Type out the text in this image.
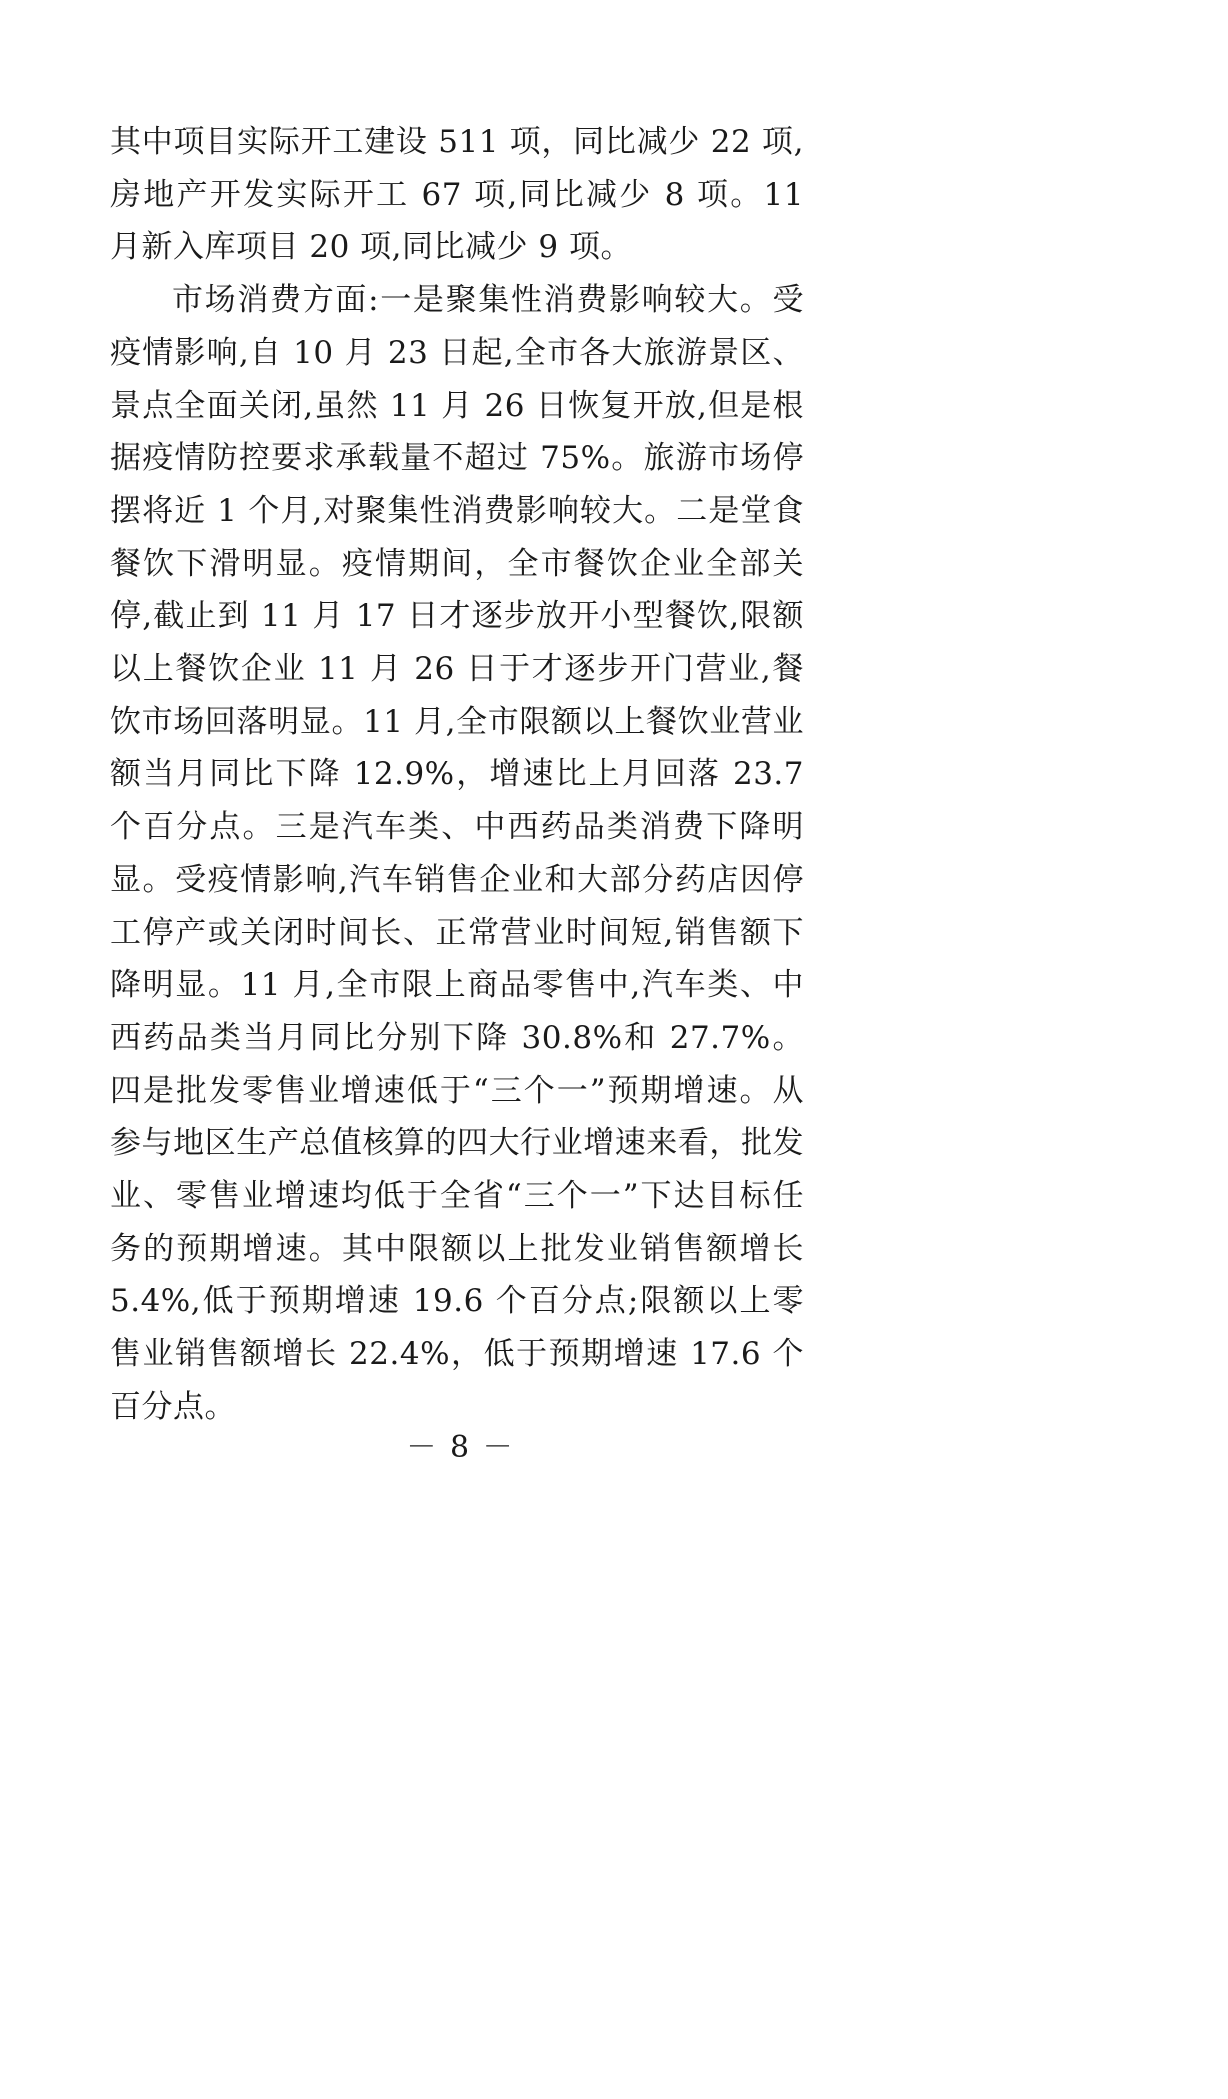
其中项目实际开工建设 511 项，同比减少 22 项,房地产开发实际开工 67 项,同比减少 8 项。11 月新入库项目 20 项,同比减少 9 项。

市场消费方面:一是聚集性消费影响较大。受疫情影响,自 10 月 23 日起,全市各大旅游景区、景点全面关闭,虽然 11 月 26 日恢复开放,但是根据疫情防控要求承载量不超过 75%。旅游市场停摆将近 1 个月,对聚集性消费影响较大。二是堂食餐饮下滑明显。疫情期间，全市餐饮企业全部关停,截止到 11 月 17 日才逐步放开小型餐饮,限额以上餐饮企业 11 月 26 日于才逐步开门营业,餐饮市场回落明显。11 月,全市限额以上餐饮业营业额当月同比下降 12.9%，增速比上月回落 23.7 个百分点。三是汽车类、中西药品类消费下降明显。受疫情影响,汽车销售企业和大部分药店因停工停产或关闭时间长、正常营业时间短,销售额下降明显。11 月,全市限上商品零售中,汽车类、中西药品类当月同比分别下降 30.8%和 27.7%。四是批发零售业增速低于“三个一”预期增速。从参与地区生产总值核算的四大行业增速来看，批发业、零售业增速均低于全省“三个一”下达目标任务的预期增速。其中限额以上批发业销售额增长 5.4%,低于预期增速 19.6 个百分点;限额以上零售业销售额增长 22.4%，低于预期增速 17.6 个百分点。

－ 8 －
